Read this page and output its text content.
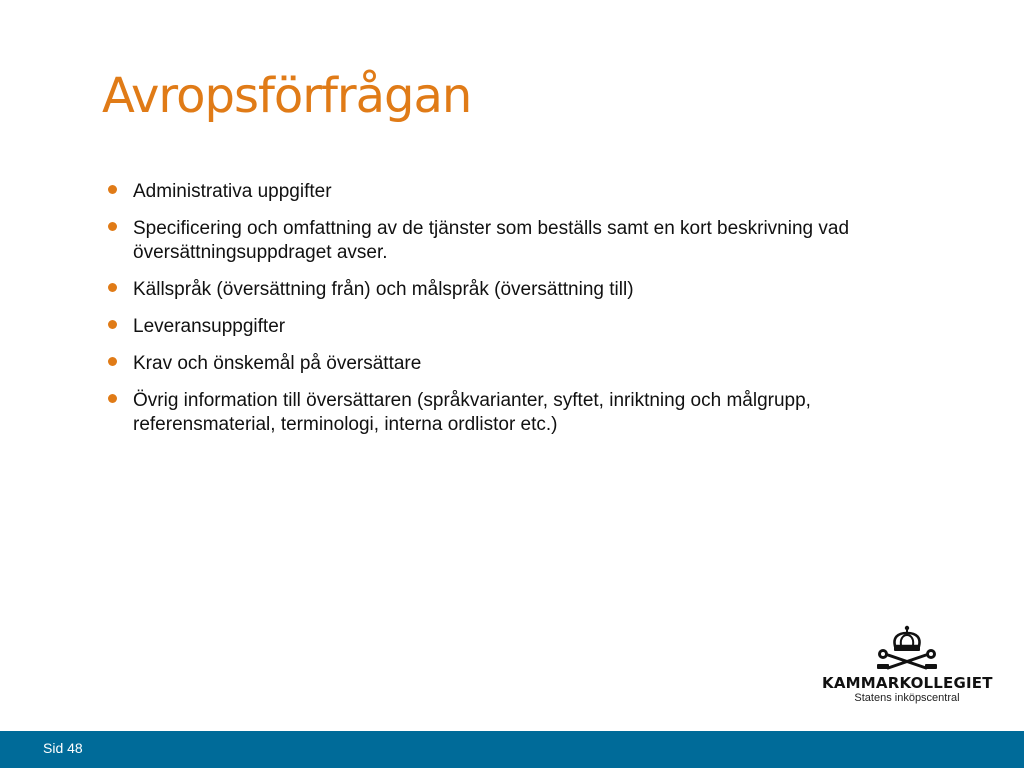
Avropsförfrågan
Administrativa uppgifter
Specificering och omfattning av de tjänster som beställs samt en kort beskrivning vad översättningsuppdraget avser.
Källspråk (översättning från) och målspråk (översättning till)
Leveransuppgifter
Krav och önskemål på översättare
Övrig information till översättaren (språkvarianter, syftet, inriktning och målgrupp, referensmaterial, terminologi, interna ordlistor etc.)
KAMMARKOLLEGIET
Statens inköpscentral
Sid 48
